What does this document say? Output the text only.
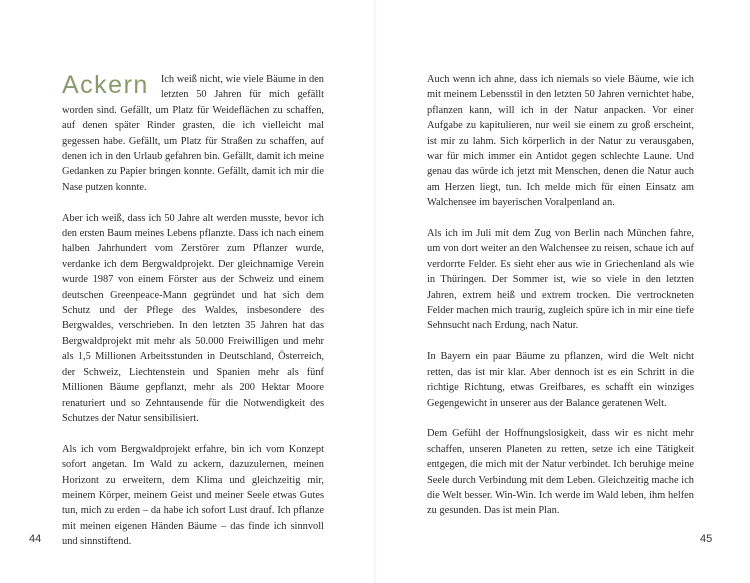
Ackern	Ich weiß nicht, wie viele Bäume in den letzten 50 Jahren für mich gefällt worden sind. Gefällt, um Platz für Weideflächen zu schaffen, auf denen später Rinder grasten, die ich vielleicht mal gegessen habe. Gefällt, um Platz für Straßen zu schaffen, auf denen ich in den Urlaub gefahren bin. Gefällt, damit ich meine Gedanken zu Papier bringen konnte. Gefällt, damit ich mir die Nase putzen konnte.

Aber ich weiß, dass ich 50 Jahre alt werden musste, bevor ich den ersten Baum meines Lebens pflanzte. Dass ich nach einem halben Jahrhundert vom Zerstörer zum Pflanzer wurde, verdanke ich dem Bergwaldprojekt. Der gleichnamige Verein wurde 1987 von einem Förster aus der Schweiz und einem deutschen Greenpeace-Mann gegründet und hat sich dem Schutz und der Pflege des Waldes, insbesondere des Bergwaldes, verschrieben. In den letzten 35 Jahren hat das Bergwaldprojekt mit mehr als 50.000 Freiwilligen und mehr als 1,5 Millionen Arbeitsstunden in Deutschland, Österreich, der Schweiz, Liechtenstein und Spanien mehr als fünf Millionen Bäume gepflanzt, mehr als 200 Hektar Moore renaturiert und so Zehntausende für die Notwendigkeit des Schutzes der Natur sensibilisiert.

Als ich vom Bergwaldprojekt erfahre, bin ich vom Konzept sofort angetan. Im Wald zu ackern, dazuzulernen, meinen Horizont zu erweitern, dem Klima und gleichzeitig mir, meinem Körper, meinem Geist und meiner Seele etwas Gutes tun, mich zu erden – da habe ich sofort Lust drauf. Ich pflanze mit meinen eigenen Händen Bäume – das finde ich sinnvoll und sinnstiftend.

44

Auch wenn ich ahne, dass ich niemals so viele Bäume, wie ich mit meinem Lebensstil in den letzten 50 Jahren vernichtet habe, pflanzen kann, will ich in der Natur anpacken. Vor einer Aufgabe zu kapitulieren, nur weil sie einem zu groß erscheint, ist mir zu lahm. Sich körperlich in der Natur zu verausgaben, war für mich immer ein Antidot gegen schlechte Laune. Und genau das würde ich jetzt mit Menschen, denen die Natur auch am Herzen liegt, tun. Ich melde mich für einen Einsatz am Walchensee im bayerischen Voralpenland an.

Als ich im Juli mit dem Zug von Berlin nach München fahre, um von dort weiter an den Walchensee zu reisen, schaue ich auf verdorrte Felder. Es sieht eher aus wie in Griechenland als wie in Thüringen. Der Sommer ist, wie so viele in den letzten Jahren, extrem heiß und extrem trocken. Die vertrockneten Felder machen mich traurig, zugleich spüre ich in mir eine tiefe Sehnsucht nach Erdung, nach Natur.

In Bayern ein paar Bäume zu pflanzen, wird die Welt nicht retten, das ist mir klar. Aber dennoch ist es ein Schritt in die richtige Richtung, etwas Greifbares, es schafft ein winziges Gegengewicht in unserer aus der Balance geratenen Welt.

Dem Gefühl der Hoffnungslosigkeit, dass wir es nicht mehr schaffen, unseren Planeten zu retten, setze ich eine Tätigkeit entgegen, die mich mit der Natur verbindet. Ich beruhige meine Seele durch Verbindung mit dem Leben. Gleichzeitig mache ich die Welt besser. Win-Win. Ich werde im Wald leben, ihm helfen zu gesunden. Das ist mein Plan.

45
